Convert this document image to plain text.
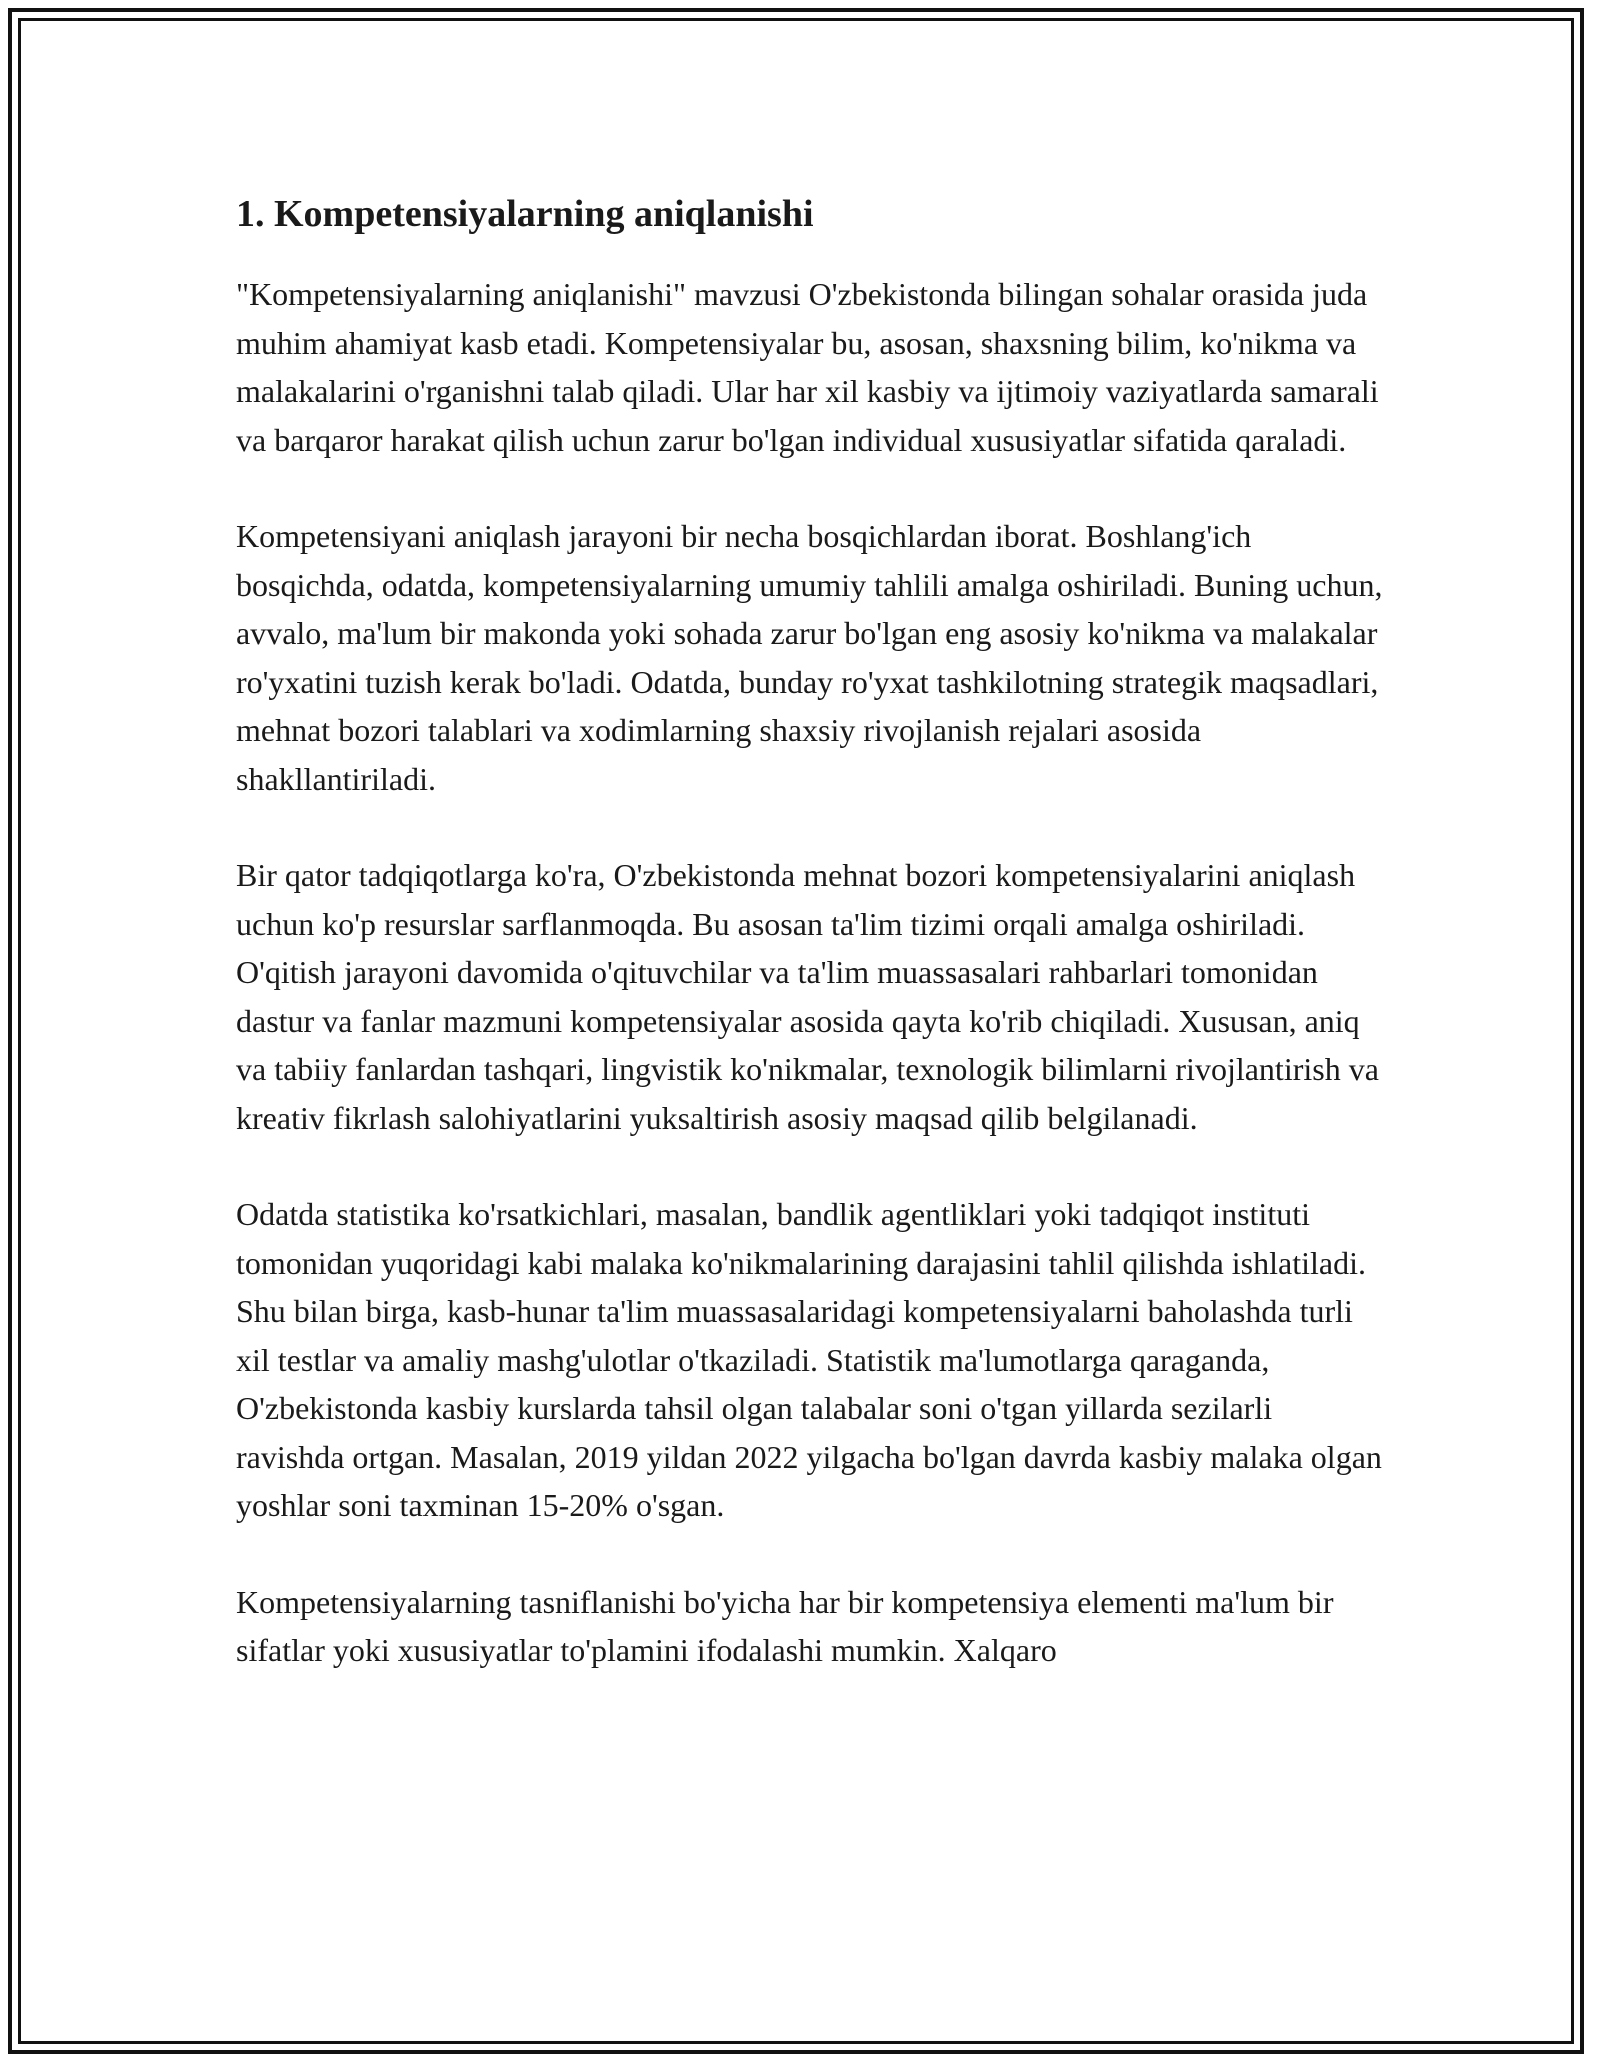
1. Kompetensiyalarning aniqlanishi

"Kompetensiyalarning aniqlanishi" mavzusi O'zbekistonda bilingan sohalar orasida juda muhim ahamiyat kasb etadi. Kompetensiyalar bu, asosan, shaxsning bilim, ko'nikma va malakalarini o'rganishni talab qiladi. Ular har xil kasbiy va ijtimoiy vaziyatlarda samarali va barqaror harakat qilish uchun zarur bo'lgan individual xususiyatlar sifatida qaraladi.

Kompetensiyani aniqlash jarayoni bir necha bosqichlardan iborat. Boshlang'ich bosqichda, odatda, kompetensiyalarning umumiy tahlili amalga oshiriladi. Buning uchun, avvalo, ma'lum bir makonda yoki sohada zarur bo'lgan eng asosiy ko'nikma va malakalar ro'yxatini tuzish kerak bo'ladi. Odatda, bunday ro'yxat tashkilotning strategik maqsadlari, mehnat bozori talablari va xodimlarning shaxsiy rivojlanish rejalari asosida shakllantiriladi.

Bir qator tadqiqotlarga ko'ra, O'zbekistonda mehnat bozori kompetensiyalarini aniqlash uchun ko'p resurslar sarflanmoqda. Bu asosan ta'lim tizimi orqali amalga oshiriladi. O'qitish jarayoni davomida o'qituvchilar va ta'lim muassasalari rahbarlari tomonidan dastur va fanlar mazmuni kompetensiyalar asosida qayta ko'rib chiqiladi. Xususan, aniq va tabiiy fanlardan tashqari, lingvistik ko'nikmalar, texnologik bilimlarni rivojlantirish va kreativ fikrlash salohiyatlarini yuksaltirish asosiy maqsad qilib belgilanadi.

Odatda statistika ko'rsatkichlari, masalan, bandlik agentliklari yoki tadqiqot instituti tomonidan yuqoridagi kabi malaka ko'nikmalarining darajasini tahlil qilishda ishlatiladi. Shu bilan birga, kasb-hunar ta'lim muassasalaridagi kompetensiyalarni baholashda turli xil testlar va amaliy mashg'ulotlar o'tkaziladi. Statistik ma'lumotlarga qaraganda, O'zbekistonda kasbiy kurslarda tahsil olgan talabalar soni o'tgan yillarda sezilarli ravishda ortgan. Masalan, 2019 yildan 2022 yilgacha bo'lgan davrda kasbiy malaka olgan yoshlar soni taxminan 15-20% o'sgan.

Kompetensiyalarning tasniflanishi bo'yicha har bir kompetensiya elementi ma'lum bir sifatlar yoki xususiyatlar to'plamini ifodalashi mumkin. Xalqaro
